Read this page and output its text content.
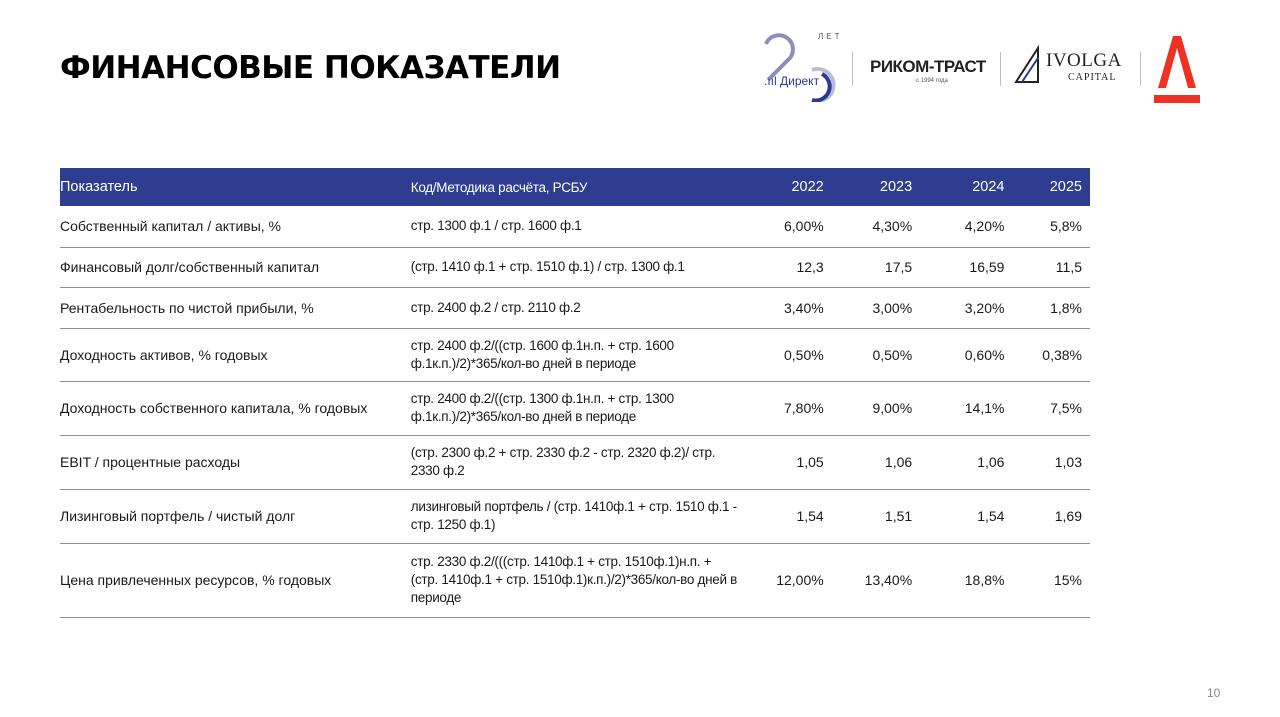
ФИНАНСОВЫЕ ПОКАЗАТЕЛИ
ЛЕТ
.ııl Директ
РИКОМ-ТРАСТ
с 1994 года
IVOLGA
CAPITAL
Показатель	Код/Методика расчёта, РСБУ	2022	2023	2024	2025
Собственный капитал / активы, %	стр. 1300 ф.1 / стр. 1600 ф.1	6,00%	4,30%	4,20%	5,8%
Финансовый долг/собственный капитал	(стр. 1410 ф.1 + стр. 1510 ф.1) / стр. 1300 ф.1	12,3	17,5	16,59	11,5
Рентабельность по чистой прибыли, %	стр. 2400 ф.2 / стр. 2110 ф.2	3,40%	3,00%	3,20%	1,8%
Доходность активов, % годовых	стр. 2400 ф.2/((стр. 1600 ф.1н.п. + стр. 1600 ф.1к.п.)/2)*365/кол-во дней в периоде	0,50%	0,50%	0,60%	0,38%
Доходность собственного капитала, % годовых	стр. 2400 ф.2/((стр. 1300 ф.1н.п. + стр. 1300 ф.1к.п.)/2)*365/кол-во дней в периоде	7,80%	9,00%	14,1%	7,5%
EBIT / процентные расходы	(стр. 2300 ф.2 + стр. 2330 ф.2 - стр. 2320 ф.2)/ стр. 2330 ф.2	1,05	1,06	1,06	1,03
Лизинговый портфель / чистый долг	лизинговый портфель / (стр. 1410ф.1 + стр. 1510 ф.1 - стр. 1250 ф.1)	1,54	1,51	1,54	1,69
Цена привлеченных ресурсов, % годовых	стр. 2330 ф.2/(((стр. 1410ф.1 + стр. 1510ф.1)н.п. +(стр. 1410ф.1 + стр. 1510ф.1)к.п.)/2)*365/кол-во дней в периоде	12,00%	13,40%	18,8%	15%
10
